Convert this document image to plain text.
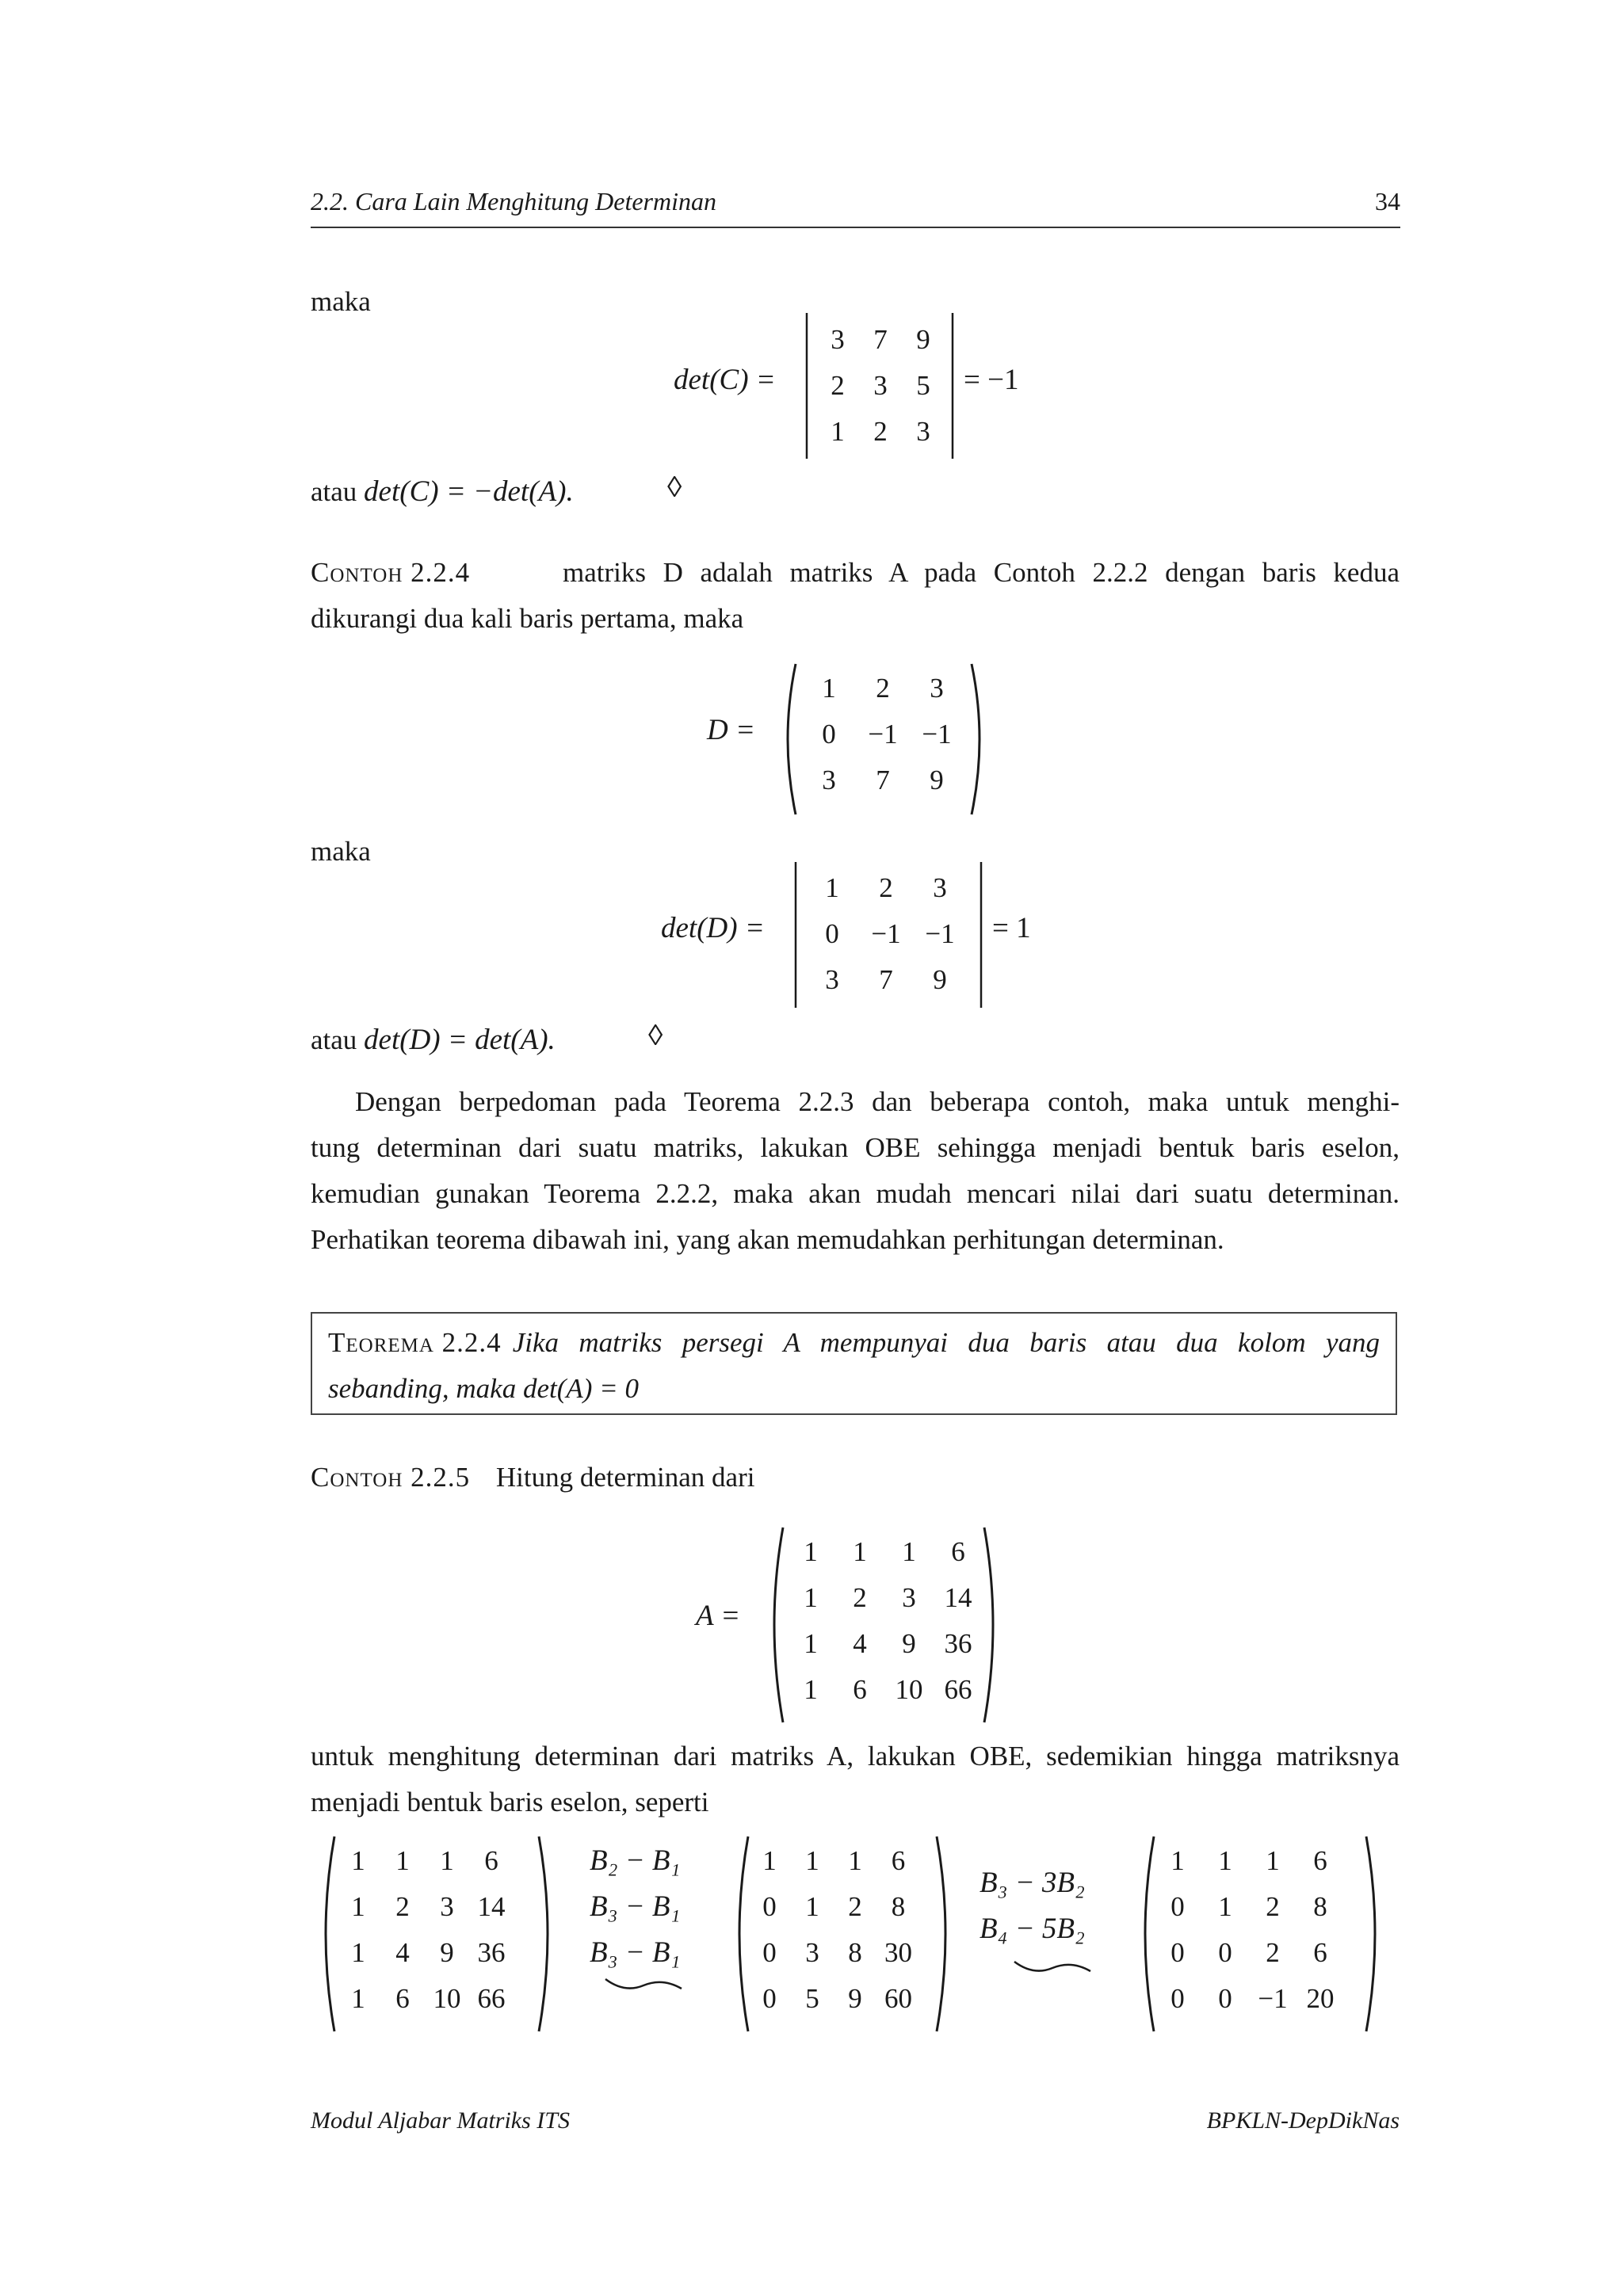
2.2. Cara Lain Menghitung Determinan	34
maka
det(C) =
3	7	9
2	3	5
1	2	3
= −1
atau det(C) = −det(A).	◊
Contoh 2.2.4	matriks D adalah matriks A pada Contoh 2.2.2 dengan baris kedua
dikurangi dua kali baris pertama, maka
D =
1	2	3
0	−1	−1
3	7	9
maka
det(D) =
1	2	3
0	−1	−1
3	7	9
= 1
atau det(D) = det(A).	◊
Dengan berpedoman pada Teorema 2.2.3 dan beberapa contoh, maka untuk menghi-
tung determinan dari suatu matriks, lakukan OBE sehingga menjadi bentuk baris eselon,
kemudian gunakan Teorema 2.2.2, maka akan mudah mencari nilai dari suatu determinan.
Perhatikan teorema dibawah ini, yang akan memudahkan perhitungan determinan.
Teorema 2.2.4 Jika matriks persegi A mempunyai dua baris atau dua kolom yang
sebanding, maka det(A) = 0
Contoh 2.2.5 Hitung determinan dari
A =
1	1	1	6
1	2	3	14
1	4	9	36
1	6	10	66
untuk menghitung determinan dari matriks A, lakukan OBE, sedemikian hingga matriksnya
menjadi bentuk baris eselon, seperti
1	1	1	6
1	2	3	14
1	4	9	36
1	6	10	66
B₂ − B₁
B₃ − B₁
B₃ − B₁
1	1	1	6
0	1	2	8
0	3	8	30
0	5	9	60
B₃ − 3B₂
B₄ − 5B₂
1	1	1	6
0	1	2	8
0	0	2	6
0	0	−1	20
Modul Aljabar Matriks ITS	BPKLN-DepDikNas
